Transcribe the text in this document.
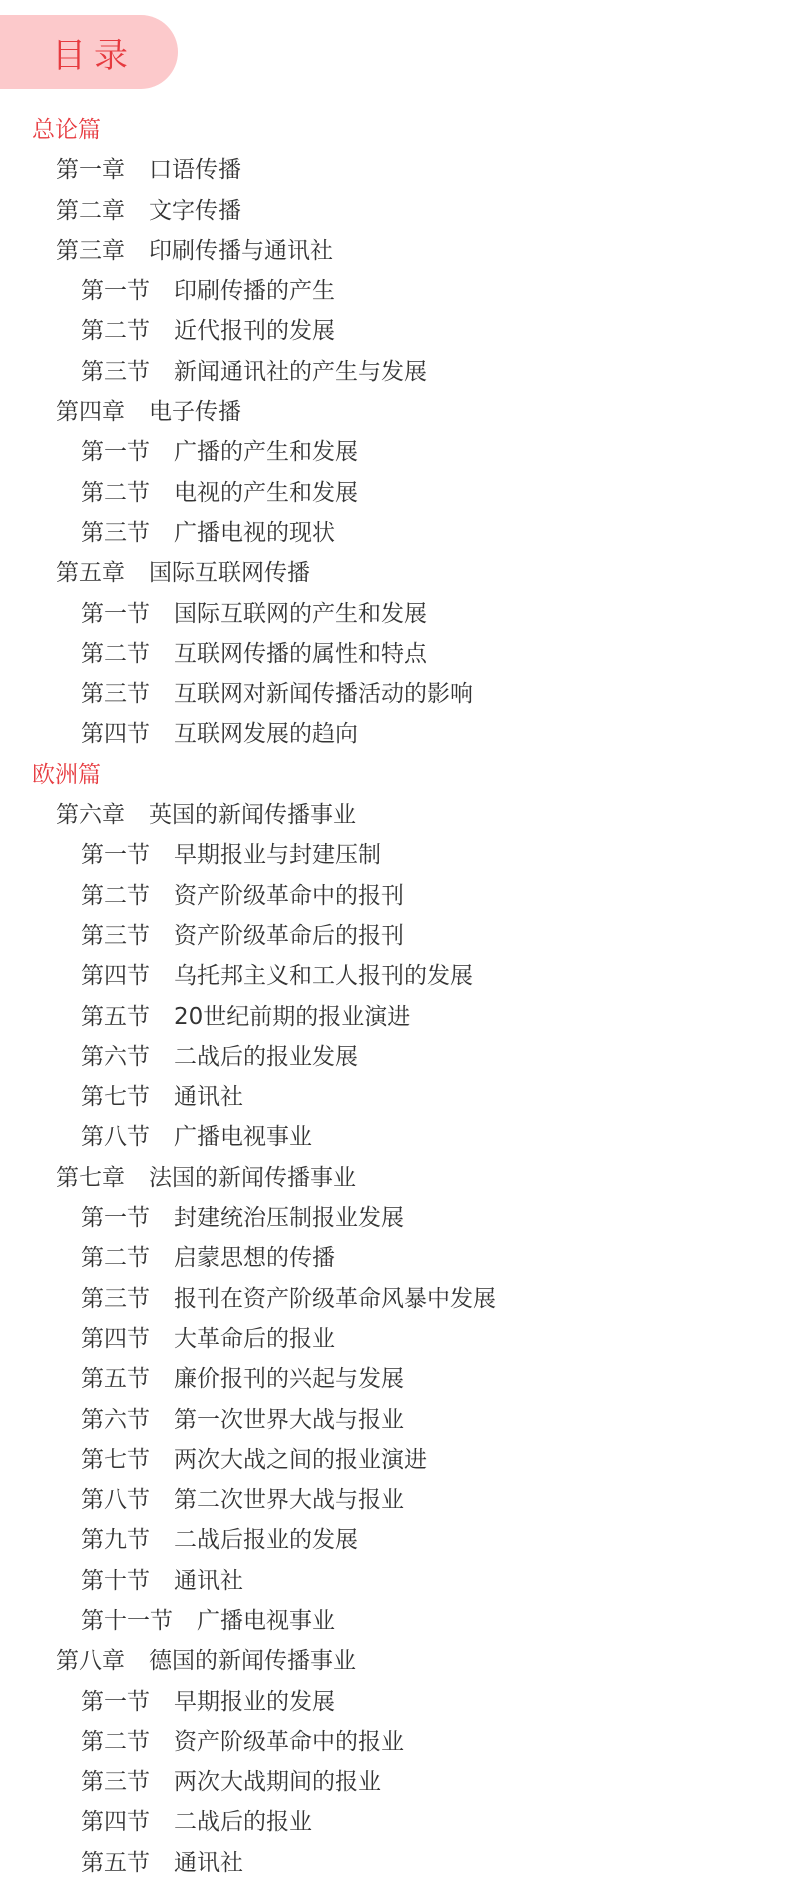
目录
总论篇
第一章 口语传播
第二章 文字传播
第三章 印刷传播与通讯社
第一节 印刷传播的产生
第二节 近代报刊的发展
第三节 新闻通讯社的产生与发展
第四章 电子传播
第一节 广播的产生和发展
第二节 电视的产生和发展
第三节 广播电视的现状
第五章 国际互联网传播
第一节 国际互联网的产生和发展
第二节 互联网传播的属性和特点
第三节 互联网对新闻传播活动的影响
第四节 互联网发展的趋向
欧洲篇
第六章 英国的新闻传播事业
第一节 早期报业与封建压制
第二节 资产阶级革命中的报刊
第三节 资产阶级革命后的报刊
第四节 乌托邦主义和工人报刊的发展
第五节 20世纪前期的报业演进
第六节 二战后的报业发展
第七节 通讯社
第八节 广播电视事业
第七章 法国的新闻传播事业
第一节 封建统治压制报业发展
第二节 启蒙思想的传播
第三节 报刊在资产阶级革命风暴中发展
第四节 大革命后的报业
第五节 廉价报刊的兴起与发展
第六节 第一次世界大战与报业
第七节 两次大战之间的报业演进
第八节 第二次世界大战与报业
第九节 二战后报业的发展
第十节 通讯社
第十一节 广播电视事业
第八章 德国的新闻传播事业
第一节 早期报业的发展
第二节 资产阶级革命中的报业
第三节 两次大战期间的报业
第四节 二战后的报业
第五节 通讯社
